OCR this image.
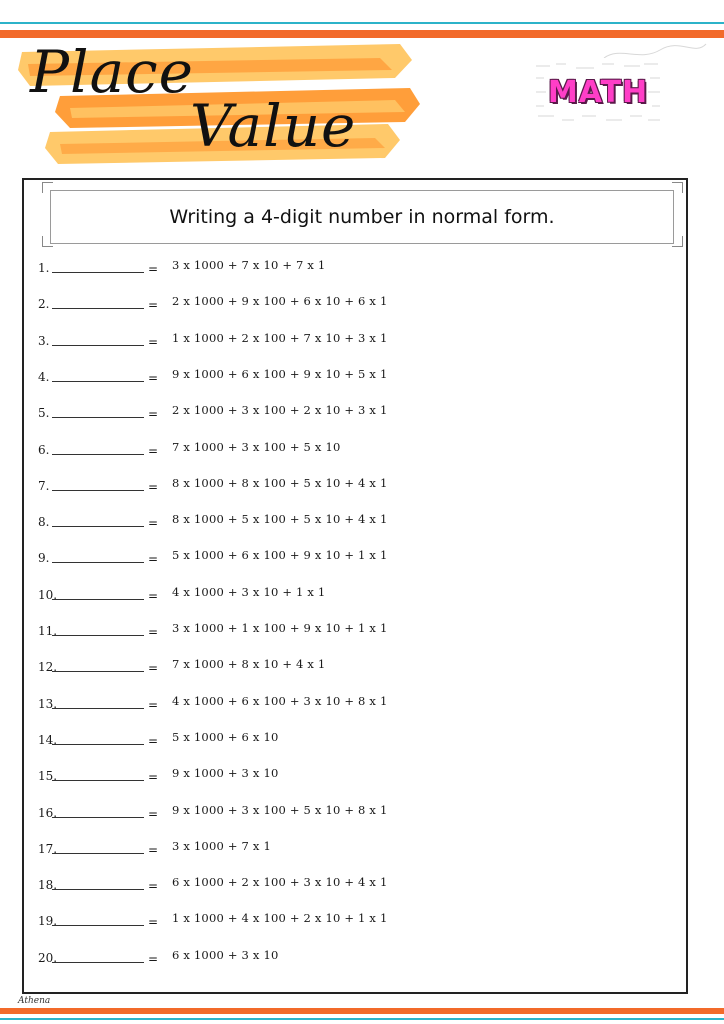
Place
Value	MATH
Writing a 4-digit number in normal form.
1.	= 3 x 1000 + 7 x 10 + 7 x 1
2.	= 2 x 1000 + 9 x 100 + 6 x 10 + 6 x 1
3.	= 1 x 1000 + 2 x 100 + 7 x 10 + 3 x 1
4.	= 9 x 1000 + 6 x 100 + 9 x 10 + 5 x 1
5.	= 2 x 1000 + 3 x 100 + 2 x 10 + 3 x 1
6.	= 7 x 1000 + 3 x 100 + 5 x 10
7.	= 8 x 1000 + 8 x 100 + 5 x 10 + 4 x 1
8.	= 8 x 1000 + 5 x 100 + 5 x 10 + 4 x 1
9.	= 5 x 1000 + 6 x 100 + 9 x 10 + 1 x 1
10.	= 4 x 1000 + 3 x 10 + 1 x 1
11.	= 3 x 1000 + 1 x 100 + 9 x 10 + 1 x 1
12.	= 7 x 1000 + 8 x 10 + 4 x 1
13.	= 4 x 1000 + 6 x 100 + 3 x 10 + 8 x 1
14.	= 5 x 1000 + 6 x 10
15.	= 9 x 1000 + 3 x 10
16.	= 9 x 1000 + 3 x 100 + 5 x 10 + 8 x 1
17.	= 3 x 1000 + 7 x 1
18.	= 6 x 1000 + 2 x 100 + 3 x 10 + 4 x 1
19.	= 1 x 1000 + 4 x 100 + 2 x 10 + 1 x 1
20.	= 6 x 1000 + 3 x 10
Athena
